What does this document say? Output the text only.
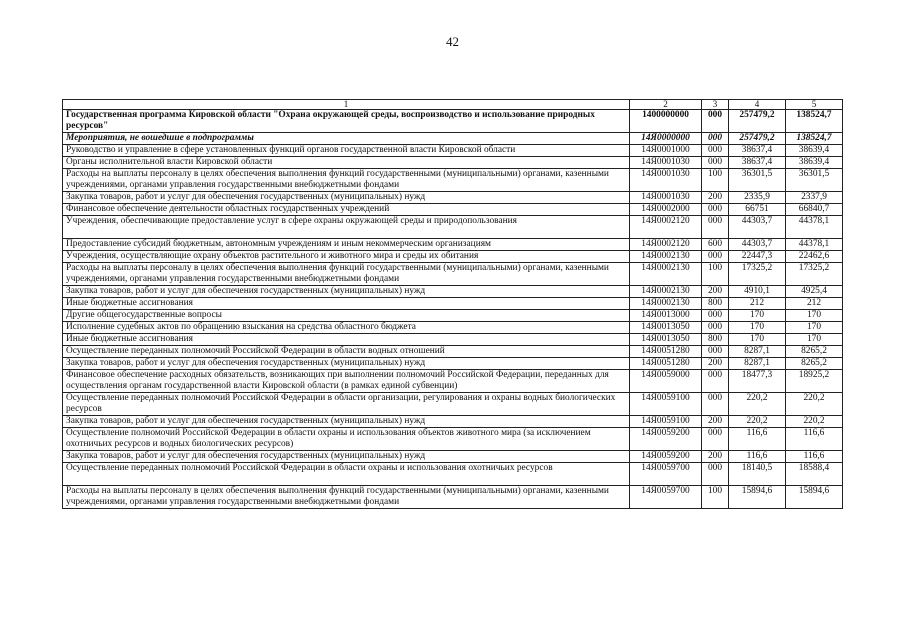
42
1	2	3	4	5
Государственная программа Кировской области "Охрана окружающей среды, воспроизводство и использование природных ресурсов"	1400000000	000	257479,2	138524,7
Мероприятия, не вошедшие в подпрограммы	14Я0000000	000	257479,2	138524,7
Руководство и управление в сфере установленных функций органов государственной власти Кировской области	14Я0001000	000	38637,4	38639,4
Органы исполнительной власти Кировской области	14Я0001030	000	38637,4	38639,4
Расходы на выплаты персоналу в целях обеспечения выполнения функций государственными (муниципальными) органами, казенными учреждениями, органами управления государственными внебюджетными фондами	14Я0001030	100	36301,5	36301,5
Закупка товаров, работ и услуг для обеспечения государственных (муниципальных) нужд	14Я0001030	200	2335,9	2337,9
Финансовое обеспечение деятельности областных государственных учреждений	14Я0002000	000	66751	66840,7
Учреждения, обеспечивающие предоставление услуг в сфере охраны окружающей среды и природопользования	14Я0002120	000	44303,7	44378,1
Предоставление субсидий бюджетным, автономным учреждениям и иным некоммерческим организациям	14Я0002120	600	44303,7	44378,1
Учреждения, осуществляющие охрану объектов растительного и животного мира и среды их обитания	14Я0002130	000	22447,3	22462,6
Расходы на выплаты персоналу в целях обеспечения выполнения функций государственными (муниципальными) органами, казенными учреждениями, органами управления государственными внебюджетными фондами	14Я0002130	100	17325,2	17325,2
Закупка товаров, работ и услуг для обеспечения государственных (муниципальных) нужд	14Я0002130	200	4910,1	4925,4
Иные бюджетные ассигнования	14Я0002130	800	212	212
Другие общегосударственные вопросы	14Я0013000	000	170	170
Исполнение судебных актов по обращению взыскания на средства областного бюджета	14Я0013050	000	170	170
Иные бюджетные ассигнования	14Я0013050	800	170	170
Осуществление переданных полномочий Российской Федерации в области водных отношений	14Я0051280	000	8287,1	8265,2
Закупка товаров, работ и услуг для обеспечения государственных (муниципальных) нужд	14Я0051280	200	8287,1	8265,2
Финансовое обеспечение расходных обязательств, возникающих при выполнении полномочий Российской Федерации, переданных для осуществления органам государственной власти Кировской области (в рамках единой субвенции)	14Я0059000	000	18477,3	18925,2
Осуществление переданных полномочий Российской Федерации в области организации, регулирования и охраны водных биологических ресурсов	14Я0059100	000	220,2	220,2
Закупка товаров, работ и услуг для обеспечения государственных (муниципальных) нужд	14Я0059100	200	220,2	220,2
Осуществление полномочий Российской Федерации в области охраны и использования объектов животного мира (за исключением охотничьих ресурсов и водных биологических ресурсов)	14Я0059200	000	116,6	116,6
Закупка товаров, работ и услуг для обеспечения государственных (муниципальных) нужд	14Я0059200	200	116,6	116,6
Осуществление переданных полномочий Российской Федерации в области охраны и использования охотничьих ресурсов	14Я0059700	000	18140,5	18588,4
Расходы на выплаты персоналу в целях обеспечения выполнения функций государственными (муниципальными) органами, казенными учреждениями, органами управления государственными внебюджетными фондами	14Я0059700	100	15894,6	15894,6
